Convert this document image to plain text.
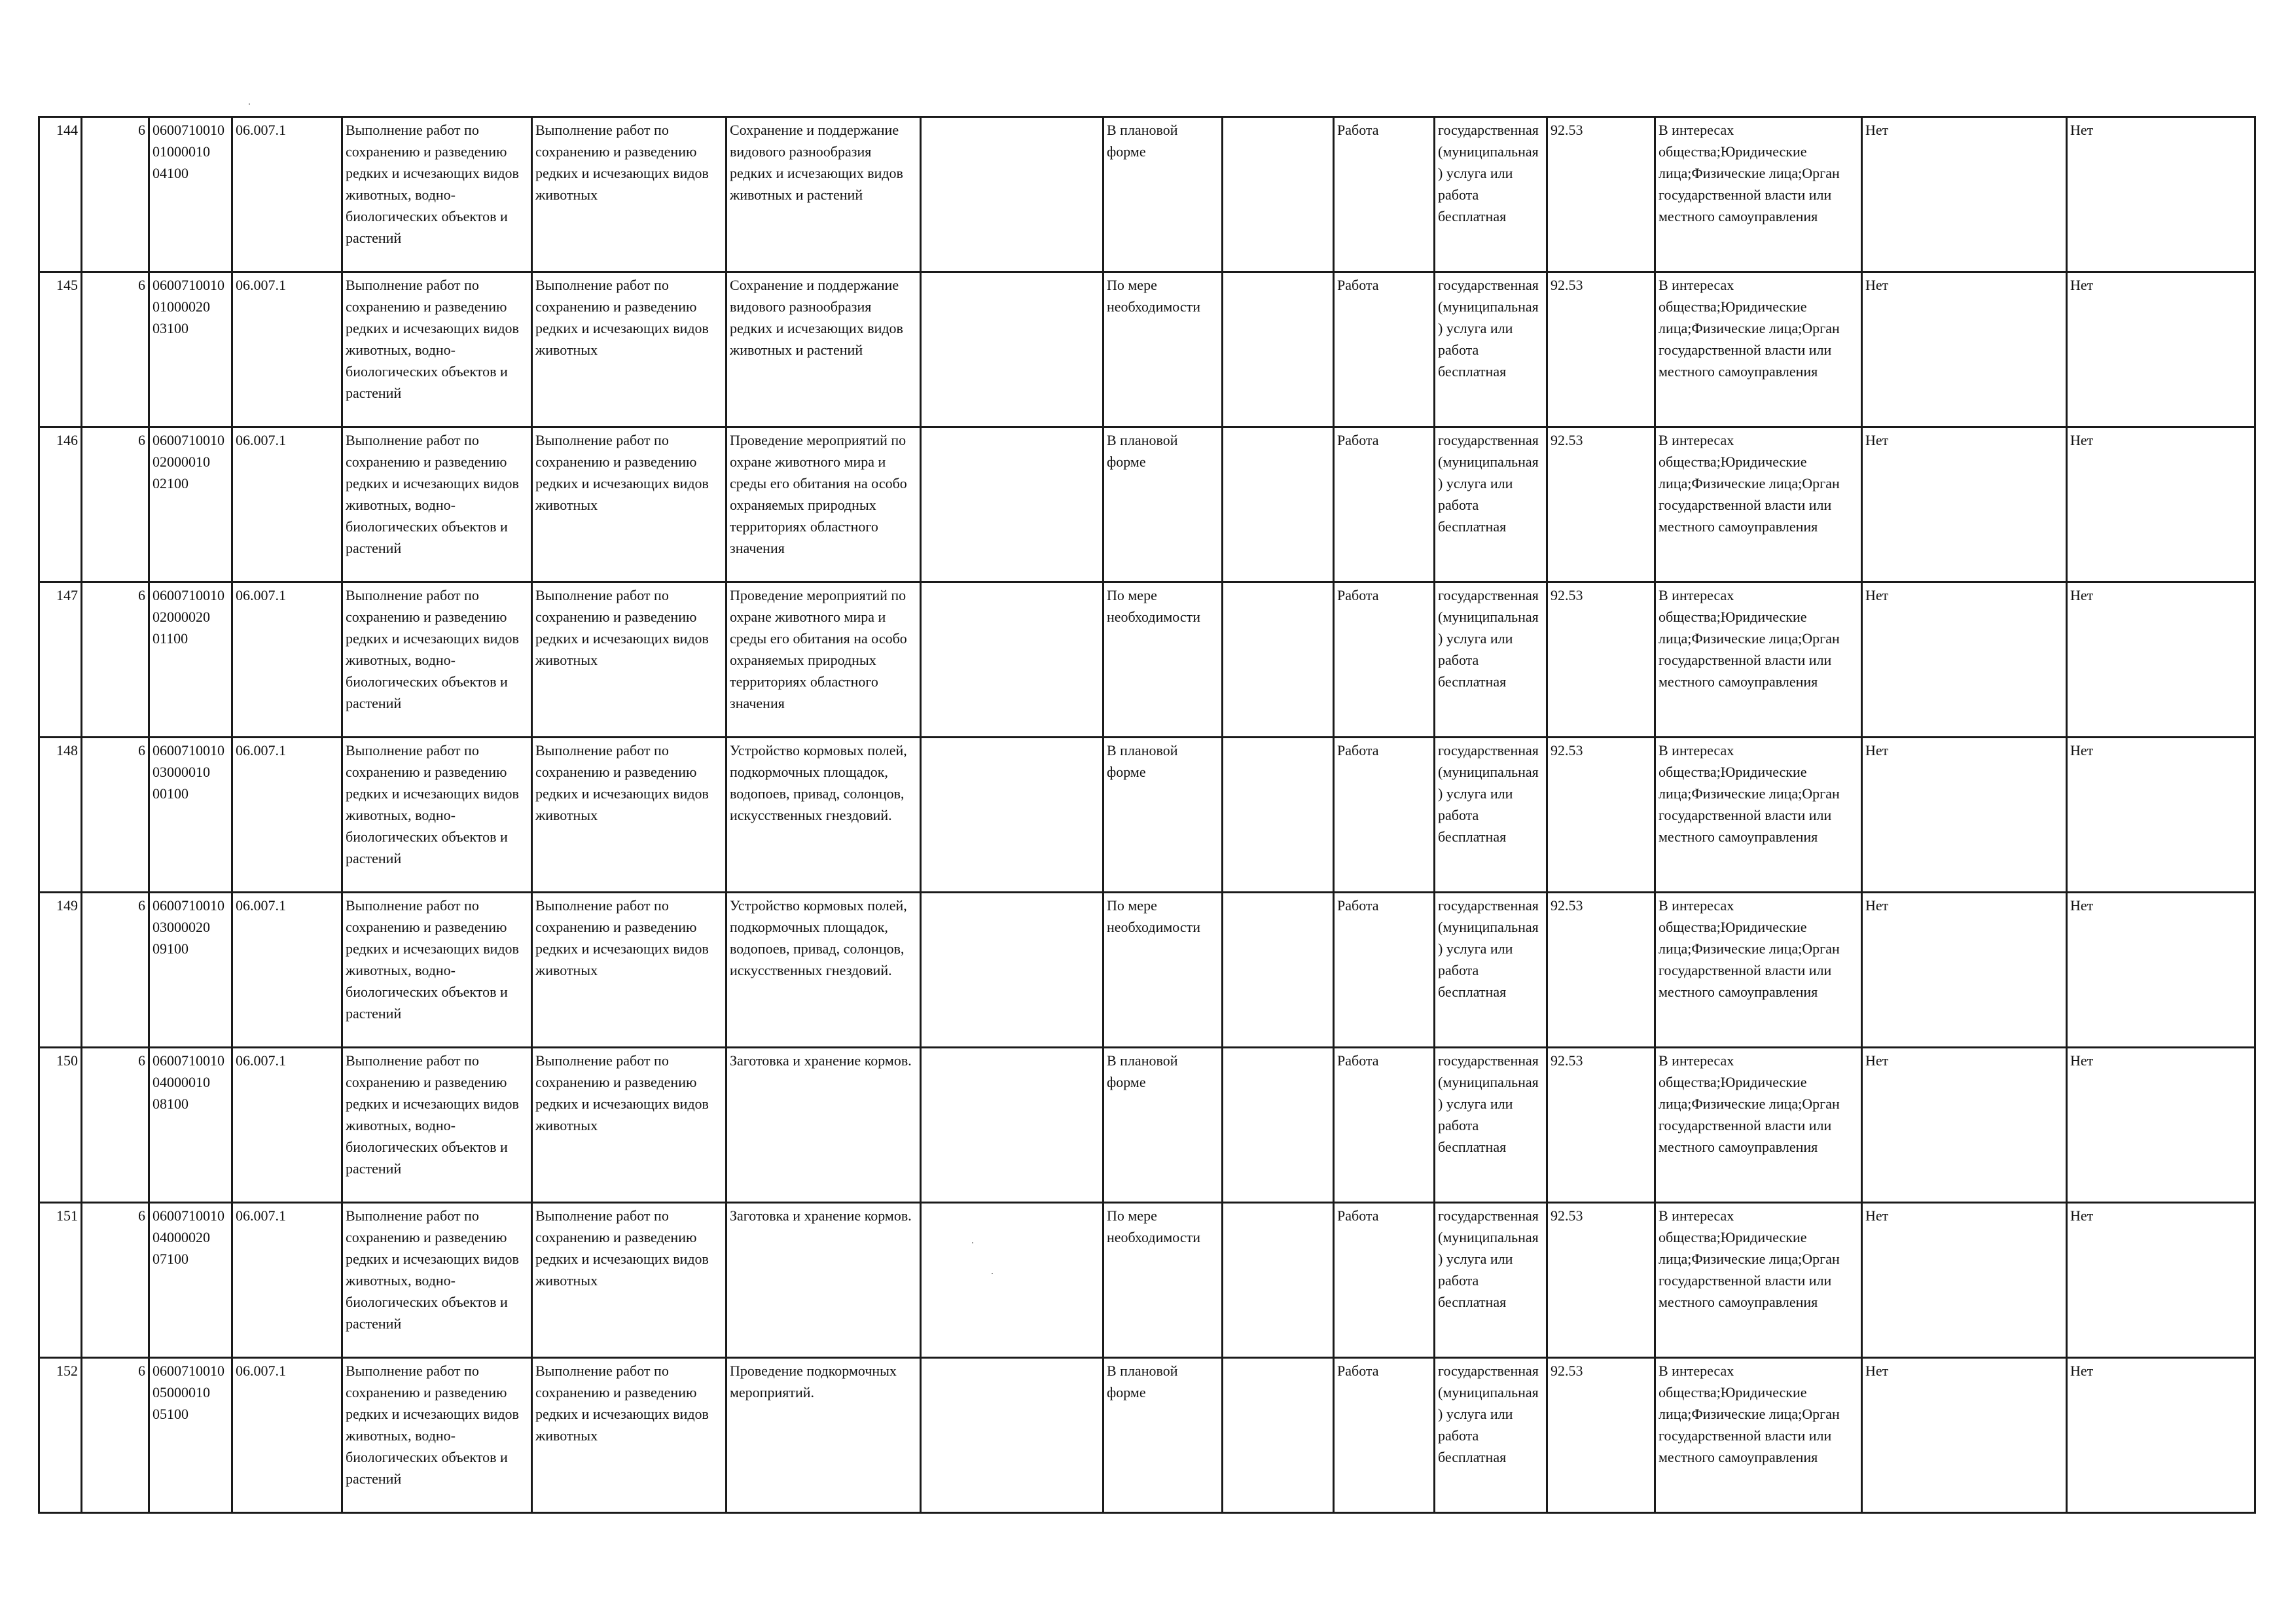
144	6	060071001001000010 04100	06.007.1	Выполнение работ по сохранению и разведению редких и исчезающих видов животных, водно-биологических объектов и растений	Выполнение работ по сохранению и разведению редких и исчезающих видов животных	Сохранение и поддержание видового разнообразия редких и исчезающих видов животных и растений		В плановой форме		Работа	государственная (муниципальная) услуга или работа бесплатная	92.53	В интересах общества;Юридические лица;Физические лица;Орган государственной власти или местного самоуправления	Нет	Нет
145	6	060071001001000020 03100	06.007.1	Выполнение работ по сохранению и разведению редких и исчезающих видов животных, водно-биологических объектов и растений	Выполнение работ по сохранению и разведению редких и исчезающих видов животных	Сохранение и поддержание видового разнообразия редких и исчезающих видов животных и растений		По мере необходимости		Работа	государственная (муниципальная) услуга или работа бесплатная	92.53	В интересах общества;Юридические лица;Физические лица;Орган государственной власти или местного самоуправления	Нет	Нет
146	6	060071001002000010 02100	06.007.1	Выполнение работ по сохранению и разведению редких и исчезающих видов животных, водно-биологических объектов и растений	Выполнение работ по сохранению и разведению редких и исчезающих видов животных	Проведение мероприятий по охране животного мира и среды его обитания на особо охраняемых природных территориях областного значения		В плановой форме		Работа	государственная (муниципальная) услуга или работа бесплатная	92.53	В интересах общества;Юридические лица;Физические лица;Орган государственной власти или местного самоуправления	Нет	Нет
147	6	060071001002000020 01100	06.007.1	Выполнение работ по сохранению и разведению редких и исчезающих видов животных, водно-биологических объектов и растений	Выполнение работ по сохранению и разведению редких и исчезающих видов животных	Проведение мероприятий по охране животного мира и среды его обитания на особо охраняемых природных территориях областного значения		По мере необходимости		Работа	государственная (муниципальная) услуга или работа бесплатная	92.53	В интересах общества;Юридические лица;Физические лица;Орган государственной власти или местного самоуправления	Нет	Нет
148	6	060071001003000010 00100	06.007.1	Выполнение работ по сохранению и разведению редких и исчезающих видов животных, водно-биологических объектов и растений	Выполнение работ по сохранению и разведению редких и исчезающих видов животных	Устройство кормовых полей, подкормочных площадок, водопоев, привад, солонцов, искусственных гнездовий.		В плановой форме		Работа	государственная (муниципальная) услуга или работа бесплатная	92.53	В интересах общества;Юридические лица;Физические лица;Орган государственной власти или местного самоуправления	Нет	Нет
149	6	060071001003000020 09100	06.007.1	Выполнение работ по сохранению и разведению редких и исчезающих видов животных, водно-биологических объектов и растений	Выполнение работ по сохранению и разведению редких и исчезающих видов животных	Устройство кормовых полей, подкормочных площадок, водопоев, привад, солонцов, искусственных гнездовий.		По мере необходимости		Работа	государственная (муниципальная) услуга или работа бесплатная	92.53	В интересах общества;Юридические лица;Физические лица;Орган государственной власти или местного самоуправления	Нет	Нет
150	6	060071001004000010 08100	06.007.1	Выполнение работ по сохранению и разведению редких и исчезающих видов животных, водно-биологических объектов и растений	Выполнение работ по сохранению и разведению редких и исчезающих видов животных	Заготовка и хранение кормов.		В плановой форме		Работа	государственная (муниципальная) услуга или работа бесплатная	92.53	В интересах общества;Юридические лица;Физические лица;Орган государственной власти или местного самоуправления	Нет	Нет
151	6	060071001004000020 07100	06.007.1	Выполнение работ по сохранению и разведению редких и исчезающих видов животных, водно-биологических объектов и растений	Выполнение работ по сохранению и разведению редких и исчезающих видов животных	Заготовка и хранение кормов.		По мере необходимости		Работа	государственная (муниципальная) услуга или работа бесплатная	92.53	В интересах общества;Юридические лица;Физические лица;Орган государственной власти или местного самоуправления	Нет	Нет
152	6	060071001005000010 05100	06.007.1	Выполнение работ по сохранению и разведению редких и исчезающих видов животных, водно-биологических объектов и растений	Выполнение работ по сохранению и разведению редких и исчезающих видов животных	Проведение подкормочных мероприятий.		В плановой форме		Работа	государственная (муниципальная) услуга или работа бесплатная	92.53	В интересах общества;Юридические лица;Физические лица;Орган государственной власти или местного самоуправления	Нет	Нет
